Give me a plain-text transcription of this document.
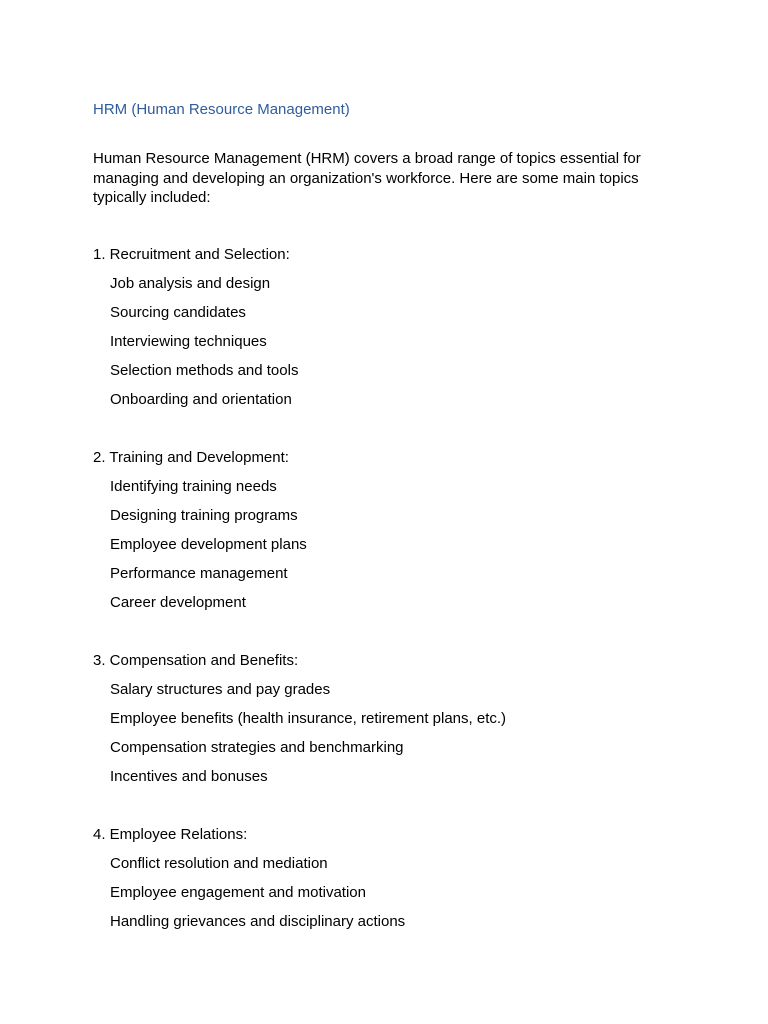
HRM (Human Resource Management)
Human Resource Management (HRM) covers a broad range of topics essential for
managing and developing an organization's workforce. Here are some main topics
typically included:
1. Recruitment and Selection:
Job analysis and design
Sourcing candidates
Interviewing techniques
Selection methods and tools
Onboarding and orientation
2. Training and Development:
Identifying training needs
Designing training programs
Employee development plans
Performance management
Career development
3. Compensation and Benefits:
Salary structures and pay grades
Employee benefits (health insurance, retirement plans, etc.)
Compensation strategies and benchmarking
Incentives and bonuses
4. Employee Relations:
Conflict resolution and mediation
Employee engagement and motivation
Handling grievances and disciplinary actions
